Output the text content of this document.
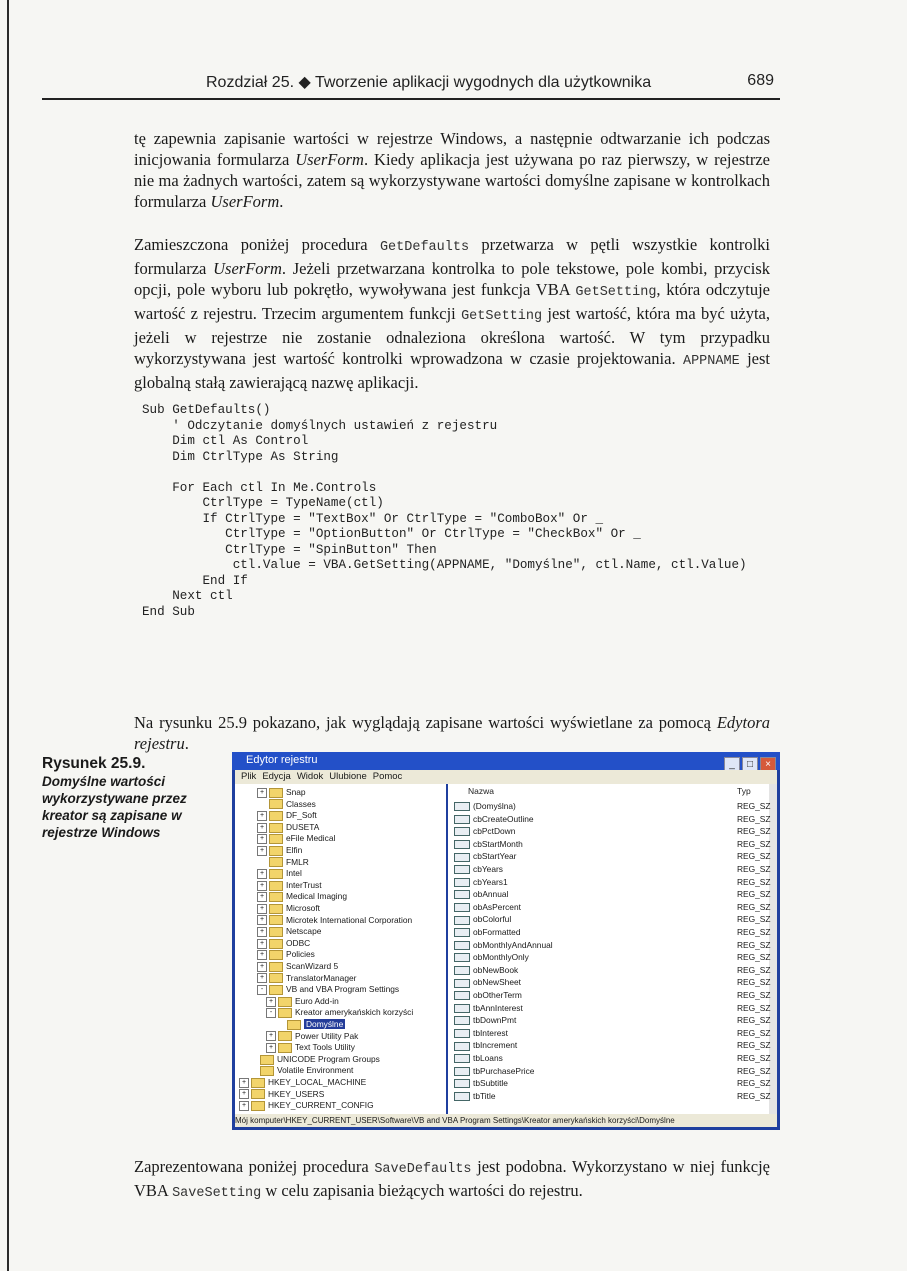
Rozdział 25. ◆ Tworzenie aplikacji wygodnych dla użytkownika	689

tę zapewnia zapisanie wartości w rejestrze Windows, a następnie odtwarzanie ich podczas inicjowania formularza UserForm. Kiedy aplikacja jest używana po raz pierwszy, w rejestrze nie ma żadnych wartości, zatem są wykorzystywane wartości domyślne zapisane w kontrolkach formularza UserForm.

Zamieszczona poniżej procedura GetDefaults przetwarza w pętli wszystkie kontrolki formularza UserForm. Jeżeli przetwarzana kontrolka to pole tekstowe, pole kombi, przycisk opcji, pole wyboru lub pokrętło, wywoływana jest funkcja VBA GetSetting, która odczytuje wartość z rejestru. Trzecim argumentem funkcji GetSetting jest wartość, która ma być użyta, jeżeli w rejestrze nie zostanie odnaleziona określona wartość. W tym przypadku wykorzystywana jest wartość kontrolki wprowadzona w czasie projektowania. APPNAME jest globalną stałą zawierającą nazwę aplikacji.

Sub GetDefaults()
' Odczytanie domyślnych ustawień z rejestru
Dim ctl As Control
Dim CtrlType As String

For Each ctl In Me.Controls
CtrlType = TypeName(ctl)
If CtrlType = "TextBox" Or CtrlType = "ComboBox" Or _
CtrlType = "OptionButton" Or CtrlType = "CheckBox" Or _
CtrlType = "SpinButton" Then
ctl.Value = VBA.GetSetting(APPNAME, "Domyślne", ctl.Name, ctl.Value)
End If
Next ctl
End Sub

Na rysunku 25.9 pokazano, jak wyglądają zapisane wartości wyświetlane za pomocą Edytora rejestru.

Rysunek 25.9.
Domyślne wartości wykorzystywane przez kreator są zapisane w rejestrze Windows
Edytor rejestru	_ □ ×
Plik Edycja Widok Ulubione Pomoc
+	Snap
Classes
+	DF_Soft
+	DUSETA
+	eFile Medical
+	Elfin
FMLR
+	Intel
+	InterTrust
+	Medical Imaging
+	Microsoft
+	Microtek International Corporation
+	Netscape
+	ODBC
+	Policies
+	ScanWizard 5
+	TranslatorManager
-	VB and VBA Program Settings
+	Euro Add-in
-	Kreator amerykańskich korzyści
Domyślne
+	Power Utility Pak
+	Text Tools Utility
UNICODE Program Groups
Volatile Environment
+	HKEY_LOCAL_MACHINE
+	HKEY_USERS
+	HKEY_CURRENT_CONFIG
Nazwa	Typ
(Domyślna)	REG_SZ
cbCreateOutline	REG_SZ
cbPctDown	REG_SZ
cbStartMonth	REG_SZ
cbStartYear	REG_SZ
cbYears	REG_SZ
cbYears1	REG_SZ
obAnnual	REG_SZ
obAsPercent	REG_SZ
obColorful	REG_SZ
obFormatted	REG_SZ
obMonthlyAndAnnual	REG_SZ
obMonthlyOnly	REG_SZ
obNewBook	REG_SZ
obNewSheet	REG_SZ
obOtherTerm	REG_SZ
tbAnnInterest	REG_SZ
tbDownPmt	REG_SZ
tbInterest	REG_SZ
tbIncrement	REG_SZ
tbLoans	REG_SZ
tbPurchasePrice	REG_SZ
tbSubtitle	REG_SZ
tbTitle	REG_SZ
Mój komputer\HKEY_CURRENT_USER\Software\VB and VBA Program Settings\Kreator amerykańskich korzyści\Domyślne

Zaprezentowana poniżej procedura SaveDefaults jest podobna. Wykorzystano w niej funkcję VBA SaveSetting w celu zapisania bieżących wartości do rejestru.
